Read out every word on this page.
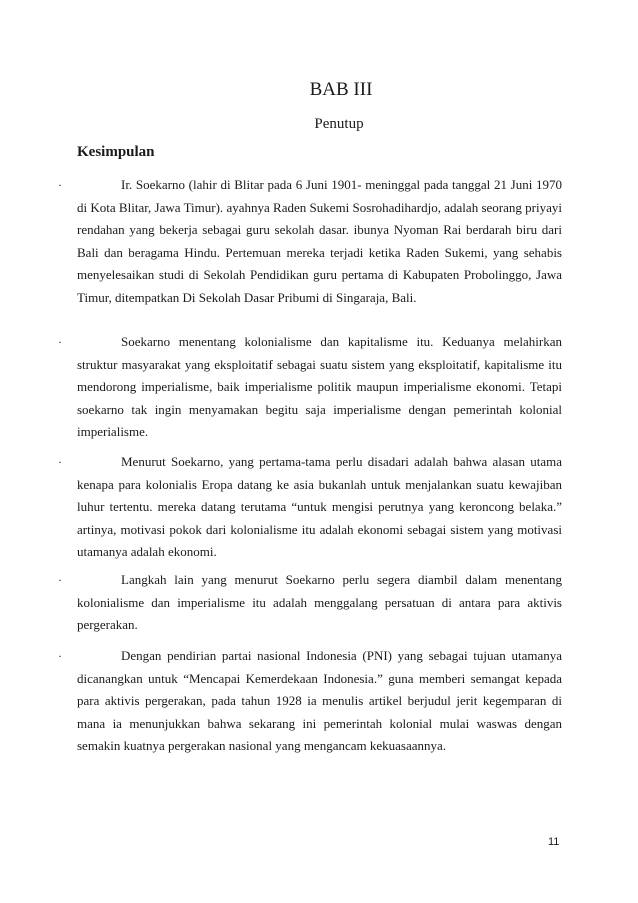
BAB III
Penutup
Kesimpulan
·	Ir. Soekarno (lahir di Blitar pada 6 Juni 1901- meninggal pada tanggal 21 Juni 1970 di Kota Blitar, Jawa Timur). ayahnya Raden Sukemi Sosrohadihardjo, adalah seorang priyayi rendahan yang bekerja sebagai guru sekolah dasar. ibunya Nyoman Rai berdarah biru dari Bali dan beragama Hindu. Pertemuan mereka terjadi ketika Raden Sukemi, yang sehabis menyelesaikan studi di Sekolah Pendidikan guru pertama di Kabupaten Probolinggo, Jawa Timur, ditempatkan Di Sekolah Dasar Pribumi di Singaraja, Bali.

·	Soekarno menentang kolonialisme dan kapitalisme itu. Keduanya melahirkan struktur masyarakat yang eksploitatif sebagai suatu sistem yang eksploitatif, kapitalisme itu mendorong imperialisme, baik imperialisme politik maupun imperialisme ekonomi. Tetapi soekarno tak ingin menyamakan begitu saja imperialisme dengan pemerintah kolonial imperialisme.

·	Menurut Soekarno, yang pertama-tama perlu disadari adalah bahwa alasan utama kenapa para kolonialis Eropa datang ke asia bukanlah untuk menjalankan suatu kewajiban luhur tertentu. mereka datang terutama “untuk mengisi perutnya yang keroncong belaka.” artinya, motivasi pokok dari kolonialisme itu adalah ekonomi sebagai sistem yang motivasi utamanya adalah ekonomi.

·	Langkah lain yang menurut Soekarno perlu segera diambil dalam menentang kolonialisme dan imperialisme itu adalah menggalang persatuan di antara para aktivis pergerakan.

·	Dengan pendirian partai nasional Indonesia (PNI) yang sebagai tujuan utamanya dicanangkan untuk “Mencapai Kemerdekaan Indonesia.” guna memberi semangat kepada para aktivis pergerakan, pada tahun 1928 ia menulis artikel berjudul jerit kegemparan di mana ia menunjukkan bahwa sekarang ini pemerintah kolonial mulai waswas dengan semakin kuatnya pergerakan nasional yang mengancam kekuasaannya.

11
